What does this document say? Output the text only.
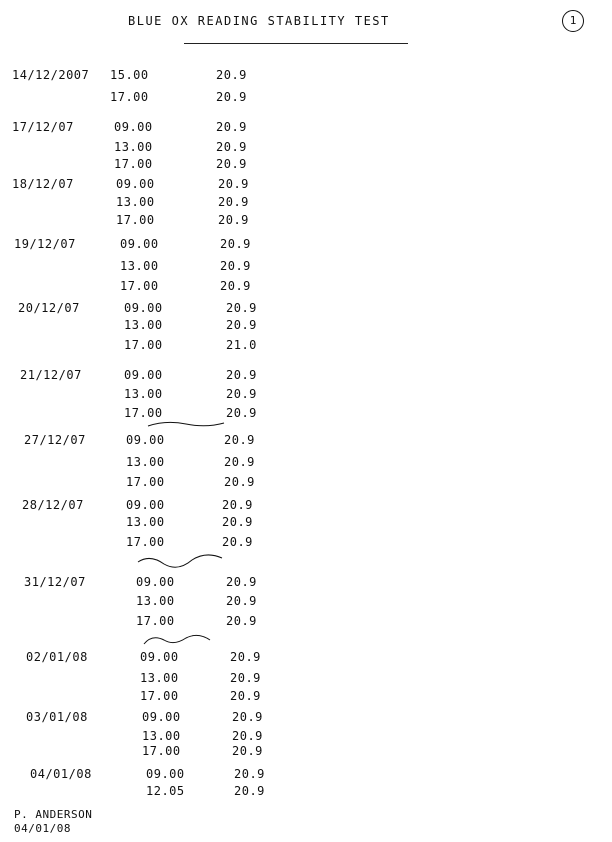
BLUE OX READING STABILITY TEST	1
14/12/2007 15.00	20.9
17.00	20.9
17/12/07	09.00	20.9
13.00	20.9
17.00	20.9
18/12/07	09.00	20.9
13.00	20.9
17.00	20.9
19/12/07	09.00	20.9
13.00	20.9
17.00	20.9
20/12/07	09.00	20.9
13.00	20.9
17.00	21.0
21/12/07	09.00	20.9
13.00	20.9
17.00	20.9
27/12/07	09.00	20.9
13.00	20.9
17.00	20.9
28/12/07	09.00	20.9
13.00	20.9
17.00	20.9
31/12/07	09.00	20.9
13.00	20.9
17.00	20.9
02/01/08	09.00	20.9
13.00	20.9
17.00	20.9
03/01/08	09.00	20.9
13.00	20.9
17.00	20.9
04/01/08	09.00	20.9
12.05	20.9
P. ANDERSON
04/01/08
